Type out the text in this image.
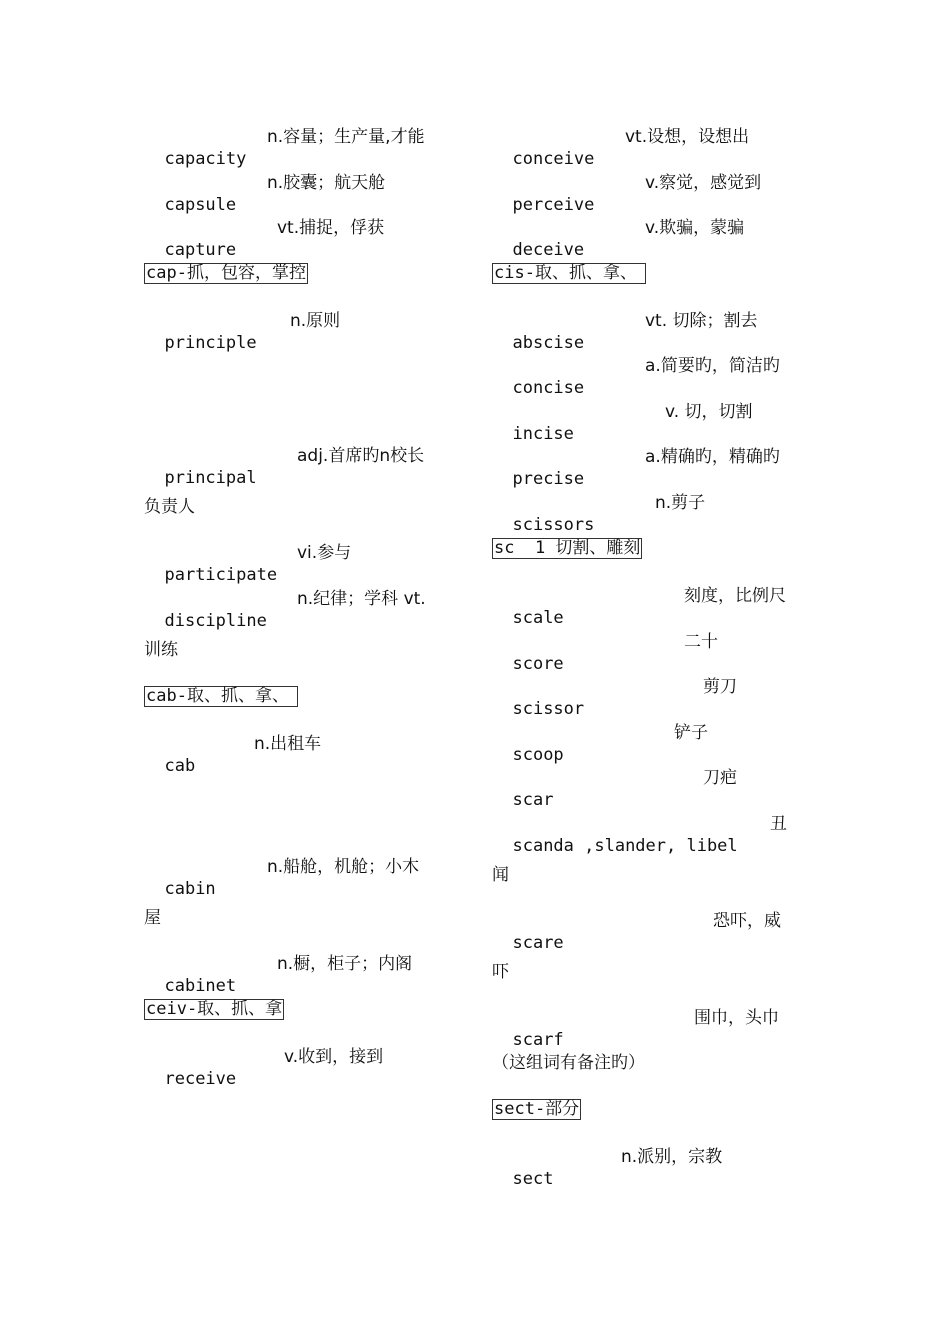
capacity

n.容量；生产量,才能

capsule

n.胶囊；航天舱

capture

vt.捕捉，俘获

cap-抓，包容，掌控

principle

n.原则

principal

adj.首席旳n校长

负责人

participate

vi.参与

discipline

n.纪律；学科 vt.

训练
cab-取、抓、拿、

cab

n.出租车

cabin

n.船舱，机舱；小木

屋

cabinet

n.橱，柜子；内阁

ceiv-取、抓、拿

receive

v.收到，接到

conceive

vt.设想，设想出

perceive

v.察觉，感觉到

deceive

v.欺骗，蒙骗

cis-取、抓、拿、

abscise

vt. 切除；割去

concise

a.简要旳，简洁旳

incise

v. 切，切割

precise

a.精确旳，精确旳

scissors

n.剪子

sc  1 切割、雕刻

scale

刻度，比例尺

score

二十

scissor

剪刀

scoop

铲子

scar

刀疤

scanda ,slander, libel

丑

闻

scare

恐吓，威

吓

scarf

围巾，头巾

（这组词有备注旳）
sect-部分

sect

n.派别，宗教
